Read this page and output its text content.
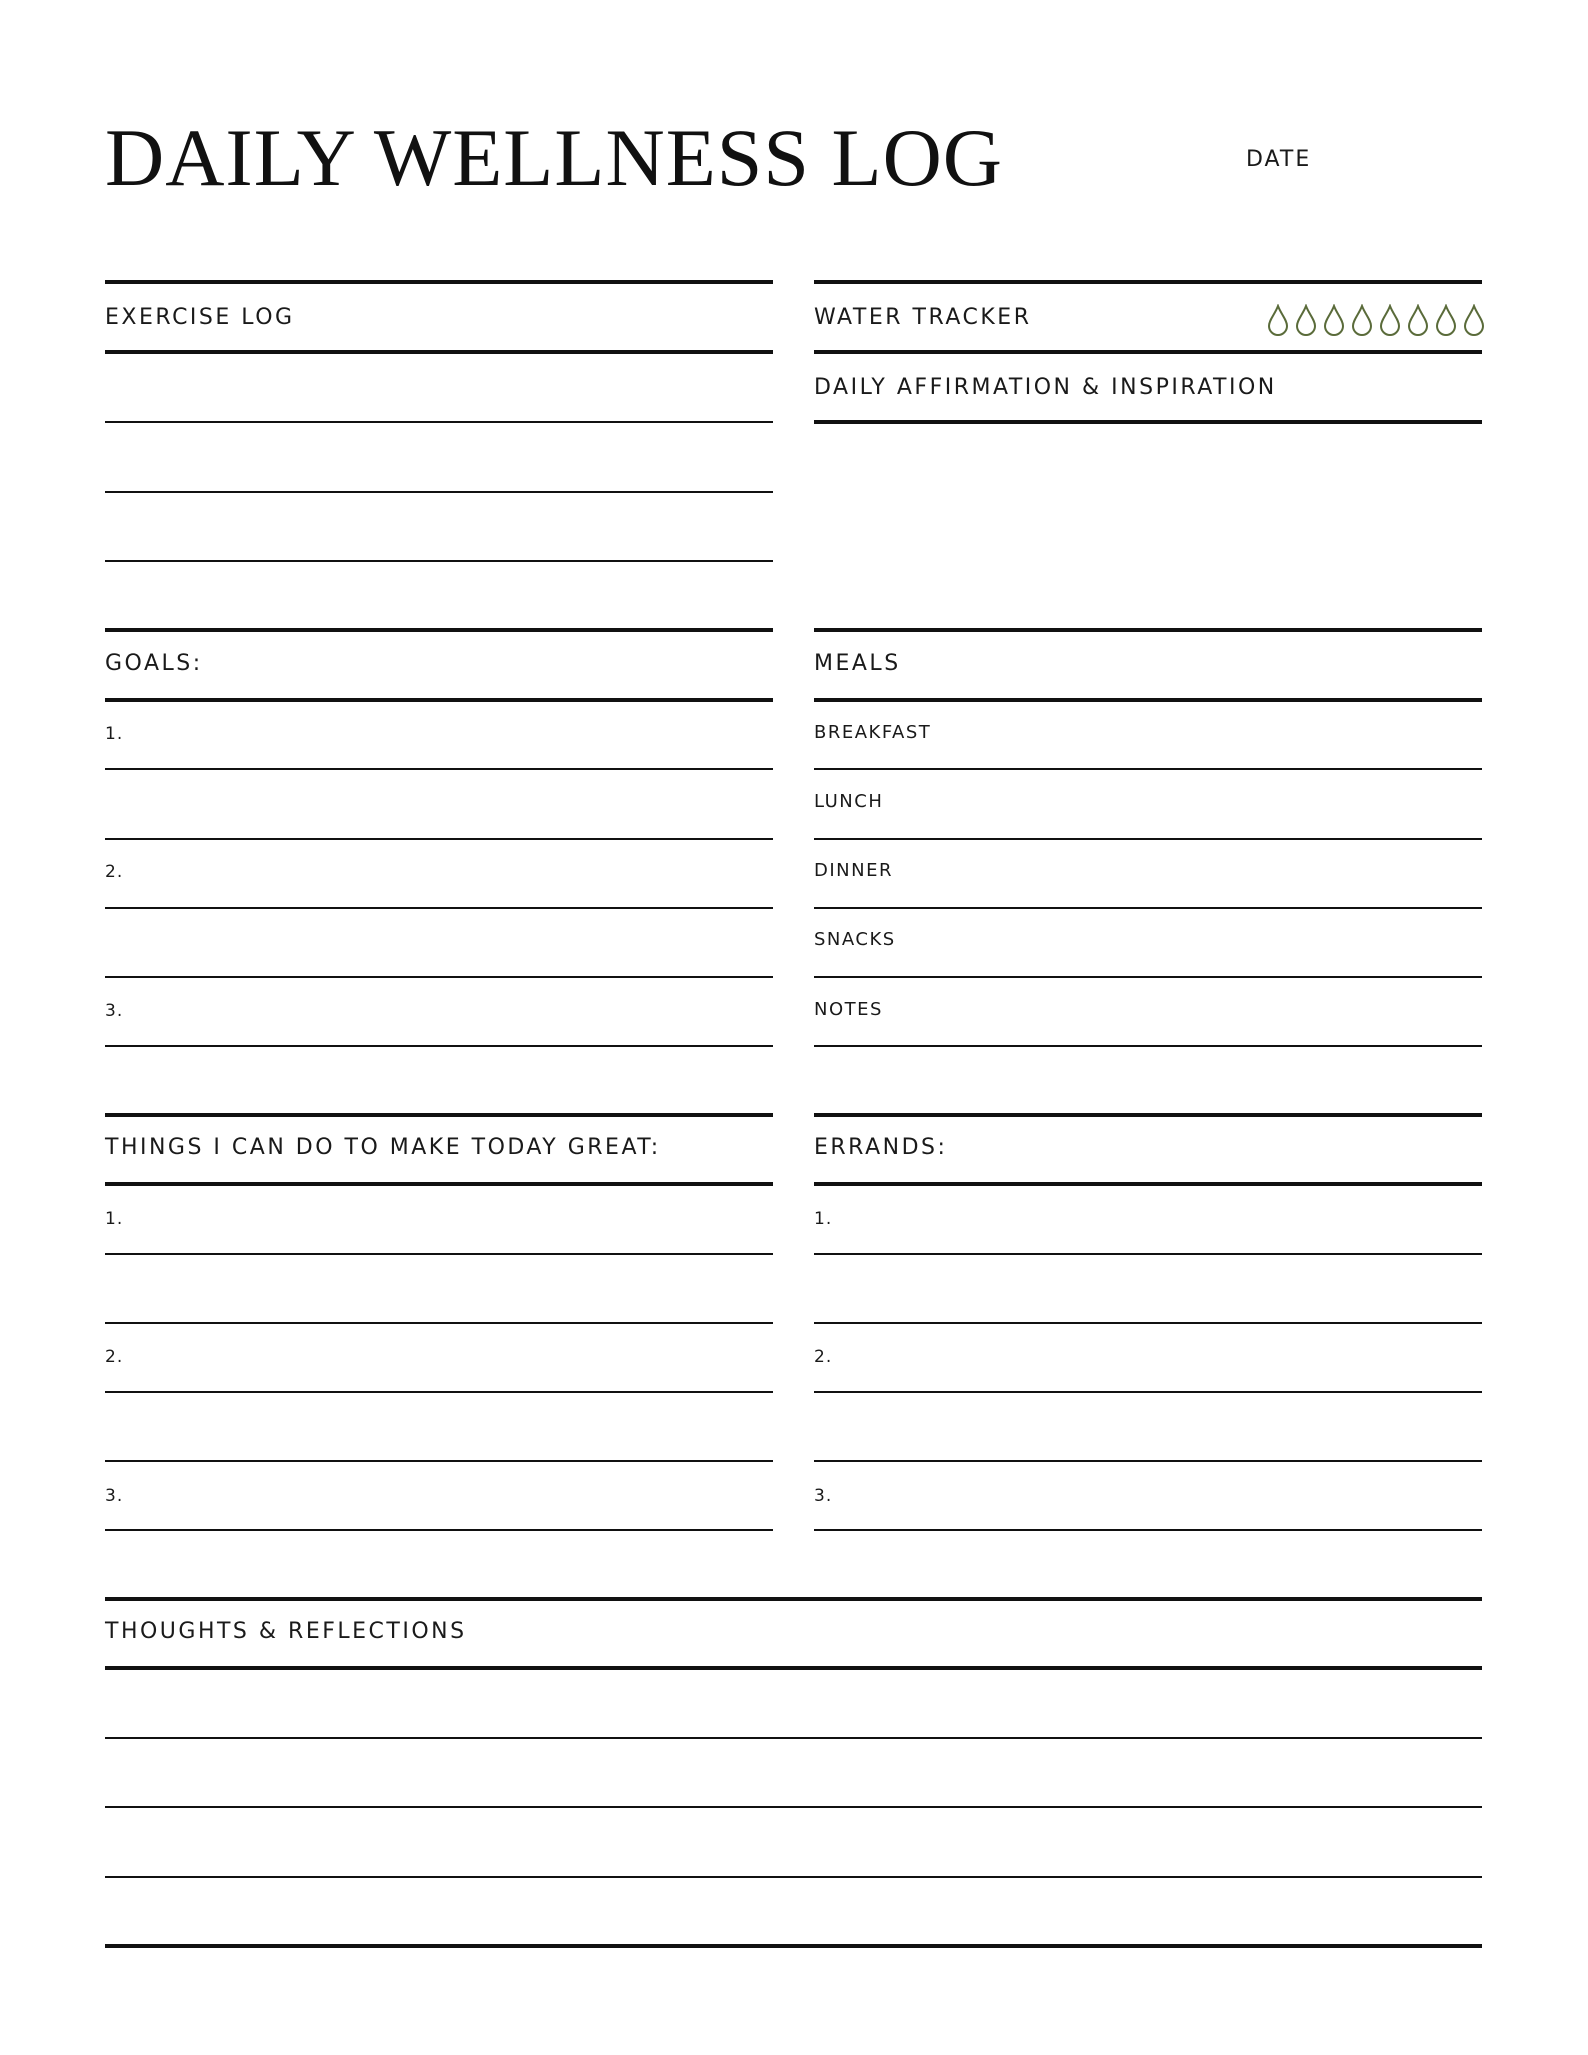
DAILY WELLNESS LOG	DATE
EXERCISE LOG	WATER TRACKER
DAILY AFFIRMATION & INSPIRATION
GOALS:
1.
2.
3.
MEALS
BREAKFAST
LUNCH
DINNER
SNACKS
NOTES
THINGS I CAN DO TO MAKE TODAY GREAT:
1.
2.
3.
ERRANDS:
1.
2.
3.
THOUGHTS & REFLECTIONS
